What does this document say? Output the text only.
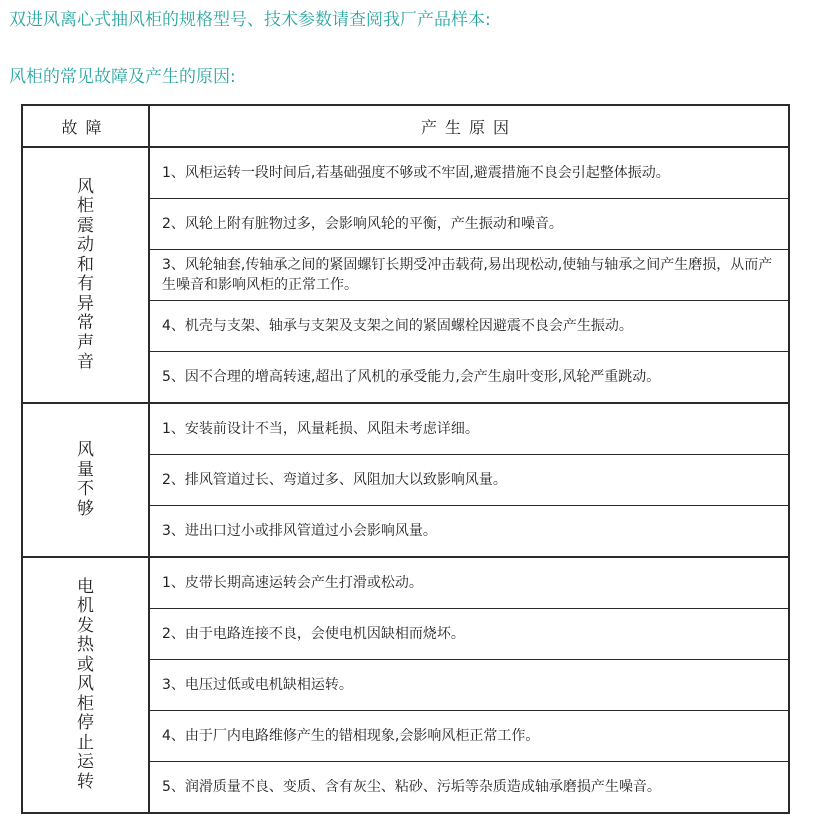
双进风离心式抽风柜的规格型号、技术参数请查阅我厂产品样本:

风柜的常见故障及产生的原因:

故障	产生原因
风柜震动和有异常声音	1、风柜运转一段时间后,若基础强度不够或不牢固,避震措施不良会引起整体振动。
	2、风轮上附有脏物过多，会影响风轮的平衡，产生振动和噪音。
	3、风轮轴套,传轴承之间的紧固螺钉长期受冲击载荷,易出现松动,使轴与轴承之间产生磨损，从而产生噪音和影响风柜的正常工作。
	4、机壳与支架、轴承与支架及支架之间的紧固螺栓因避震不良会产生振动。
	5、因不合理的增高转速,超出了风机的承受能力,会产生扇叶变形,风轮严重跳动。
风量不够	1、安装前设计不当，风量耗损、风阻未考虑详细。
	2、排风管道过长、弯道过多、风阻加大以致影响风量。
	3、进出口过小或排风管道过小会影响风量。
电机发热或风柜停止运转	1、皮带长期高速运转会产生打滑或松动。
	2、由于电路连接不良，会使电机因缺相而烧坏。
	3、电压过低或电机缺相运转。
	4、由于厂内电路维修产生的错相现象,会影响风柜正常工作。
	5、润滑质量不良、变质、含有灰尘、粘砂、污垢等杂质造成轴承磨损产生噪音。
